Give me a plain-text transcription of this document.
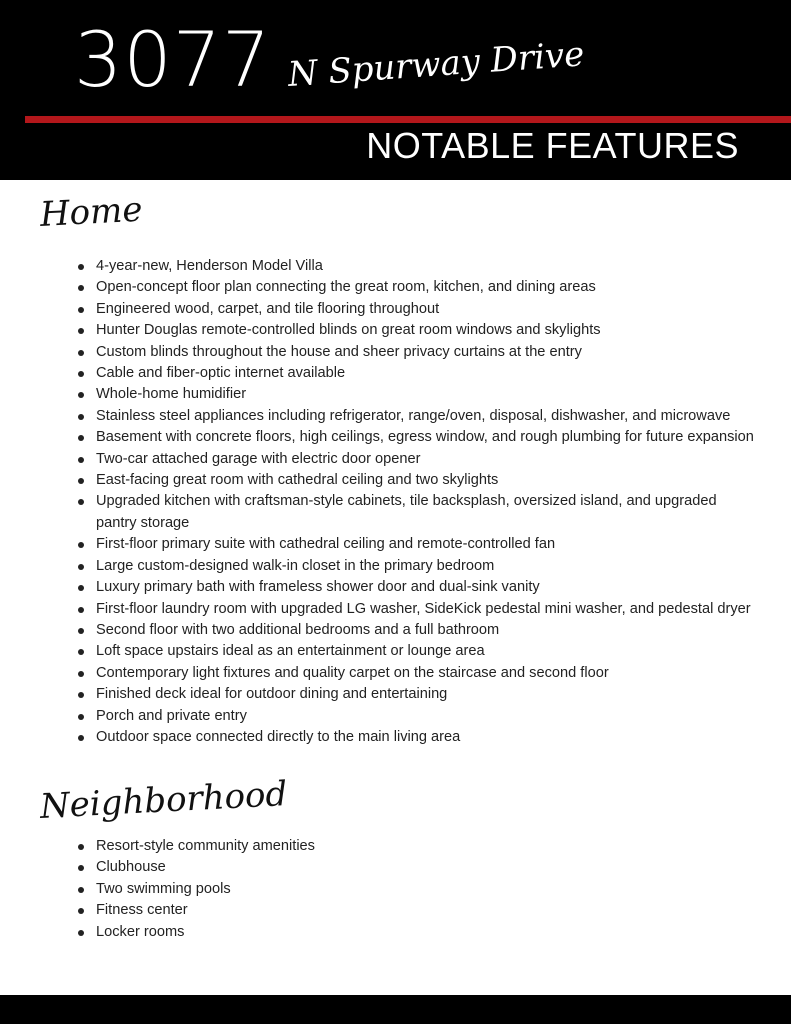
3077 N Spurway Drive
NOTABLE FEATURES
Home
4-year-new, Henderson Model Villa
Open-concept floor plan connecting the great room, kitchen, and dining areas
Engineered wood, carpet, and tile flooring throughout
Hunter Douglas remote-controlled blinds on great room windows and skylights
Custom blinds throughout the house and sheer privacy curtains at the entry
Cable and fiber-optic internet available
Whole-home humidifier
Stainless steel appliances including refrigerator, range/oven, disposal, dishwasher, and microwave
Basement with concrete floors, high ceilings, egress window, and rough plumbing for future expansion
Two-car attached garage with electric door opener
East-facing great room with cathedral ceiling and two skylights
Upgraded kitchen with craftsman-style cabinets, tile backsplash, oversized island, and upgraded pantry storage
First-floor primary suite with cathedral ceiling and remote-controlled fan
Large custom-designed walk-in closet in the primary bedroom
Luxury primary bath with frameless shower door and dual-sink vanity
First-floor laundry room with upgraded LG washer, SideKick pedestal mini washer, and pedestal dryer
Second floor with two additional bedrooms and a full bathroom
Loft space upstairs ideal as an entertainment or lounge area
Contemporary light fixtures and quality carpet on the staircase and second floor
Finished deck ideal for outdoor dining and entertaining
Porch and private entry
Outdoor space connected directly to the main living area
Neighborhood
Resort-style community amenities
Clubhouse
Two swimming pools
Fitness center
Locker rooms
